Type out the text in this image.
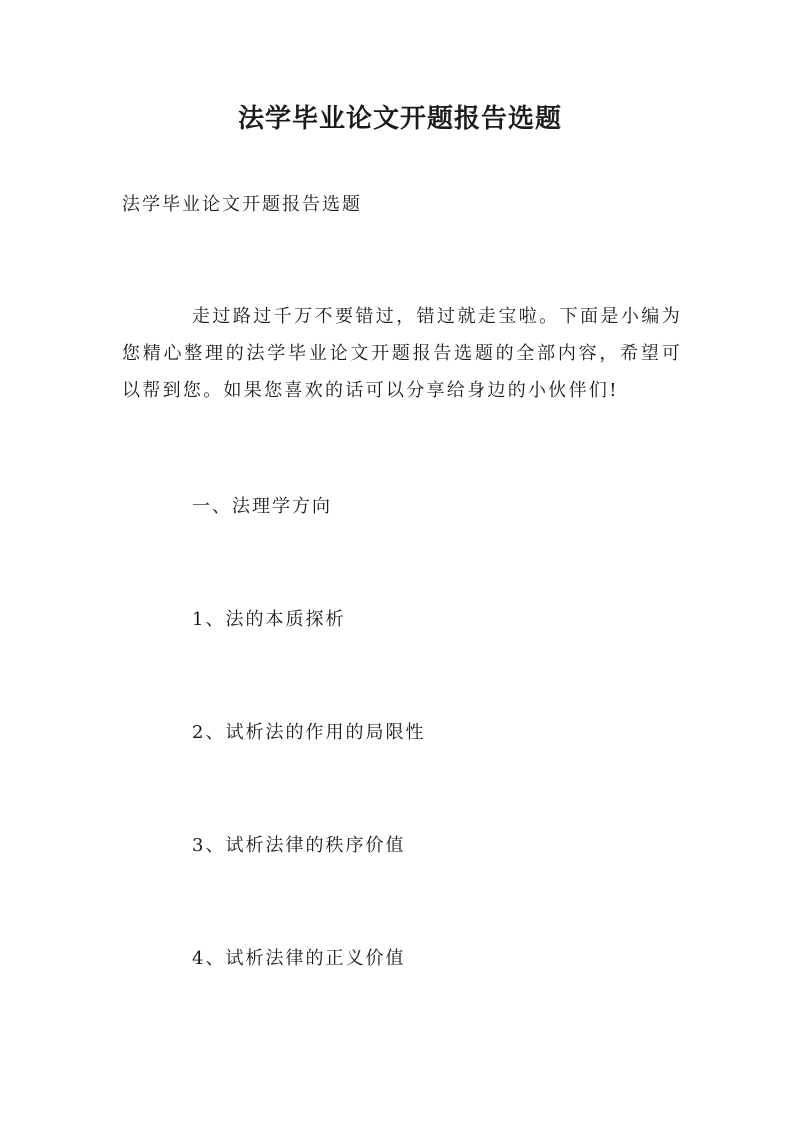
法学毕业论文开题报告选题

法学毕业论文开题报告选题

走过路过千万不要错过，错过就走宝啦。下面是小编为您精心整理的法学毕业论文开题报告选题的全部内容，希望可以帮到您。如果您喜欢的话可以分享给身边的小伙伴们!

一、法理学方向

1、法的本质探析

2、试析法的作用的局限性

3、试析法律的秩序价值

4、试析法律的正义价值
